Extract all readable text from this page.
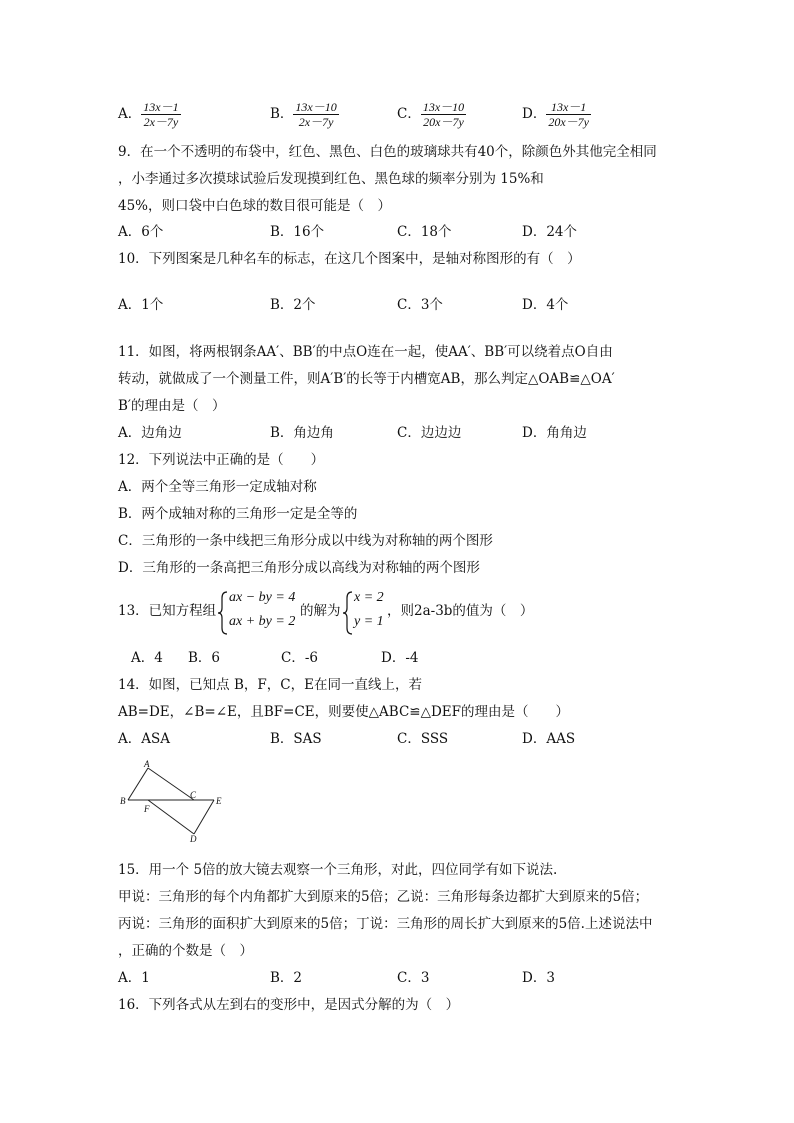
A． $\frac{13x-1}{2x-7y}$	B． $\frac{13x-10}{2x-7y}$	C． $\frac{13x-10}{20x-7y}$	D． $\frac{13x-1}{20x-7y}$
9．在一个不透明的布袋中，红色、黑色、白色的玻璃球共有40个，除颜色外其他完全相同
，小李通过多次摸球试验后发现摸到红色、黑色球的频率分别为 15%和
45%，则口袋中白色球的数目很可能是（　）
A．6个	B．16个	C．18个	D．24个
10．下列图案是几种名车的标志，在这几个图案中，是轴对称图形的有（　）
A．1个	B．2个	C．3个	D．4个
11．如图，将两根钢条AA′、BB′的中点O连在一起，使AA′、BB′可以绕着点O自由
转动，就做成了一个测量工件，则A′B′的长等于内槽宽AB，那么判定△OAB≌△OA′
B′的理由是（　）
A．边角边	B．角边角	C．边边边	D．角角边
12．下列说法中正确的是（　　）
A．两个全等三角形一定成轴对称
B．两个成轴对称的三角形一定是全等的
C．三角形的一条中线把三角形分成以中线为对称轴的两个图形
D．三角形的一条高把三角形分成以高线为对称轴的两个图形
13．已知方程组
ax − by = 4
ax + by = 2
的解为
x = 2
y = 1
，则2a-3b的值为（　）
A．4 B．6	C．-6	D．-4
14．如图，已知点 B，F，C，E在同一直线上，若
AB=DE，∠B=∠E，且BF=CE，则要使△ABC≌△DEF的理由是（　　）
A．ASA	B．SAS	C．SSS	D．AAS
A
B
F
C
E
D
15．用一个 5倍的放大镜去观察一个三角形，对此，四位同学有如下说法.
甲说：三角形的每个内角都扩大到原来的5倍；乙说：三角形每条边都扩大到原来的5倍；
丙说：三角形的面积扩大到原来的5倍；丁说：三角形的周长扩大到原来的5倍.上述说法中
，正确的个数是（　）
A．1	B．2	C．3	D．3
16．下列各式从左到右的变形中，是因式分解的为（　）
